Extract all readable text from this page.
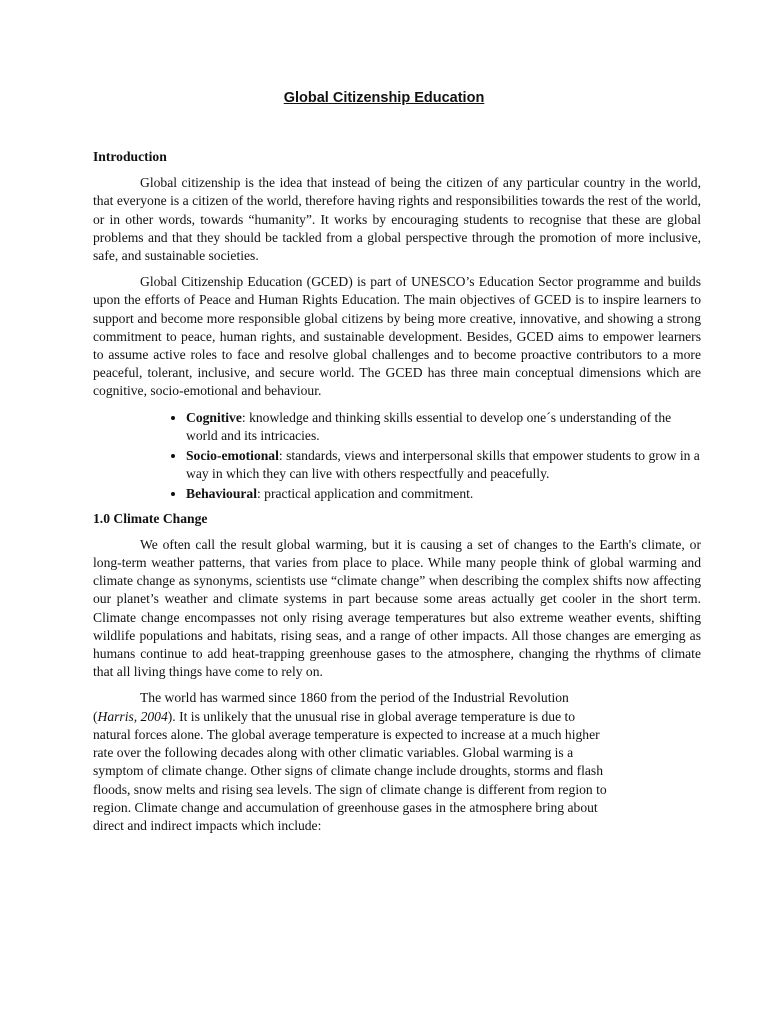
Global Citizenship Education
Introduction

Global citizenship is the idea that instead of being the citizen of any particular country in the world, that everyone is a citizen of the world, therefore having rights and responsibilities towards the rest of the world, or in other words, towards “humanity”. It works by encouraging students to recognise that these are global problems and that they should be tackled from a global perspective through the promotion of more inclusive, safe, and sustainable societies.

Global Citizenship Education (GCED) is part of UNESCO’s Education Sector programme and builds upon the efforts of Peace and Human Rights Education. The main objectives of GCED is to inspire learners to support and become more responsible global citizens by being more creative, innovative, and showing a strong commitment to peace, human rights, and sustainable development. Besides, GCED aims to empower learners to assume active roles to face and resolve global challenges and to become proactive contributors to a more peaceful, tolerant, inclusive, and secure world. The GCED has three main conceptual dimensions which are cognitive, socio-emotional and behaviour.

• Cognitive: knowledge and thinking skills essential to develop one´s understanding of the world and its intricacies.
• Socio-emotional: standards, views and interpersonal skills that empower students to grow in a way in which they can live with others respectfully and peacefully.
• Behavioural: practical application and commitment.
1.0 Climate Change

We often call the result global warming, but it is causing a set of changes to the Earth's climate, or long-term weather patterns, that varies from place to place. While many people think of global warming and climate change as synonyms, scientists use “climate change” when describing the complex shifts now affecting our planet’s weather and climate systems in part because some areas actually get cooler in the short term. Climate change encompasses not only rising average temperatures but also extreme weather events, shifting wildlife populations and habitats, rising seas, and a range of other impacts. All those changes are emerging as humans continue to add heat-trapping greenhouse gases to the atmosphere, changing the rhythms of climate that all living things have come to rely on.

The world has warmed since 1860 from the period of the Industrial Revolution (Harris, 2004). It is unlikely that the unusual rise in global average temperature is due to natural forces alone. The global average temperature is expected to increase at a much higher rate over the following decades along with other climatic variables. Global warming is a symptom of climate change. Other signs of climate change include droughts, storms and flash floods, snow melts and rising sea levels. The sign of climate change is different from region to region. Climate change and accumulation of greenhouse gases in the atmosphere bring about direct and indirect impacts which include:
